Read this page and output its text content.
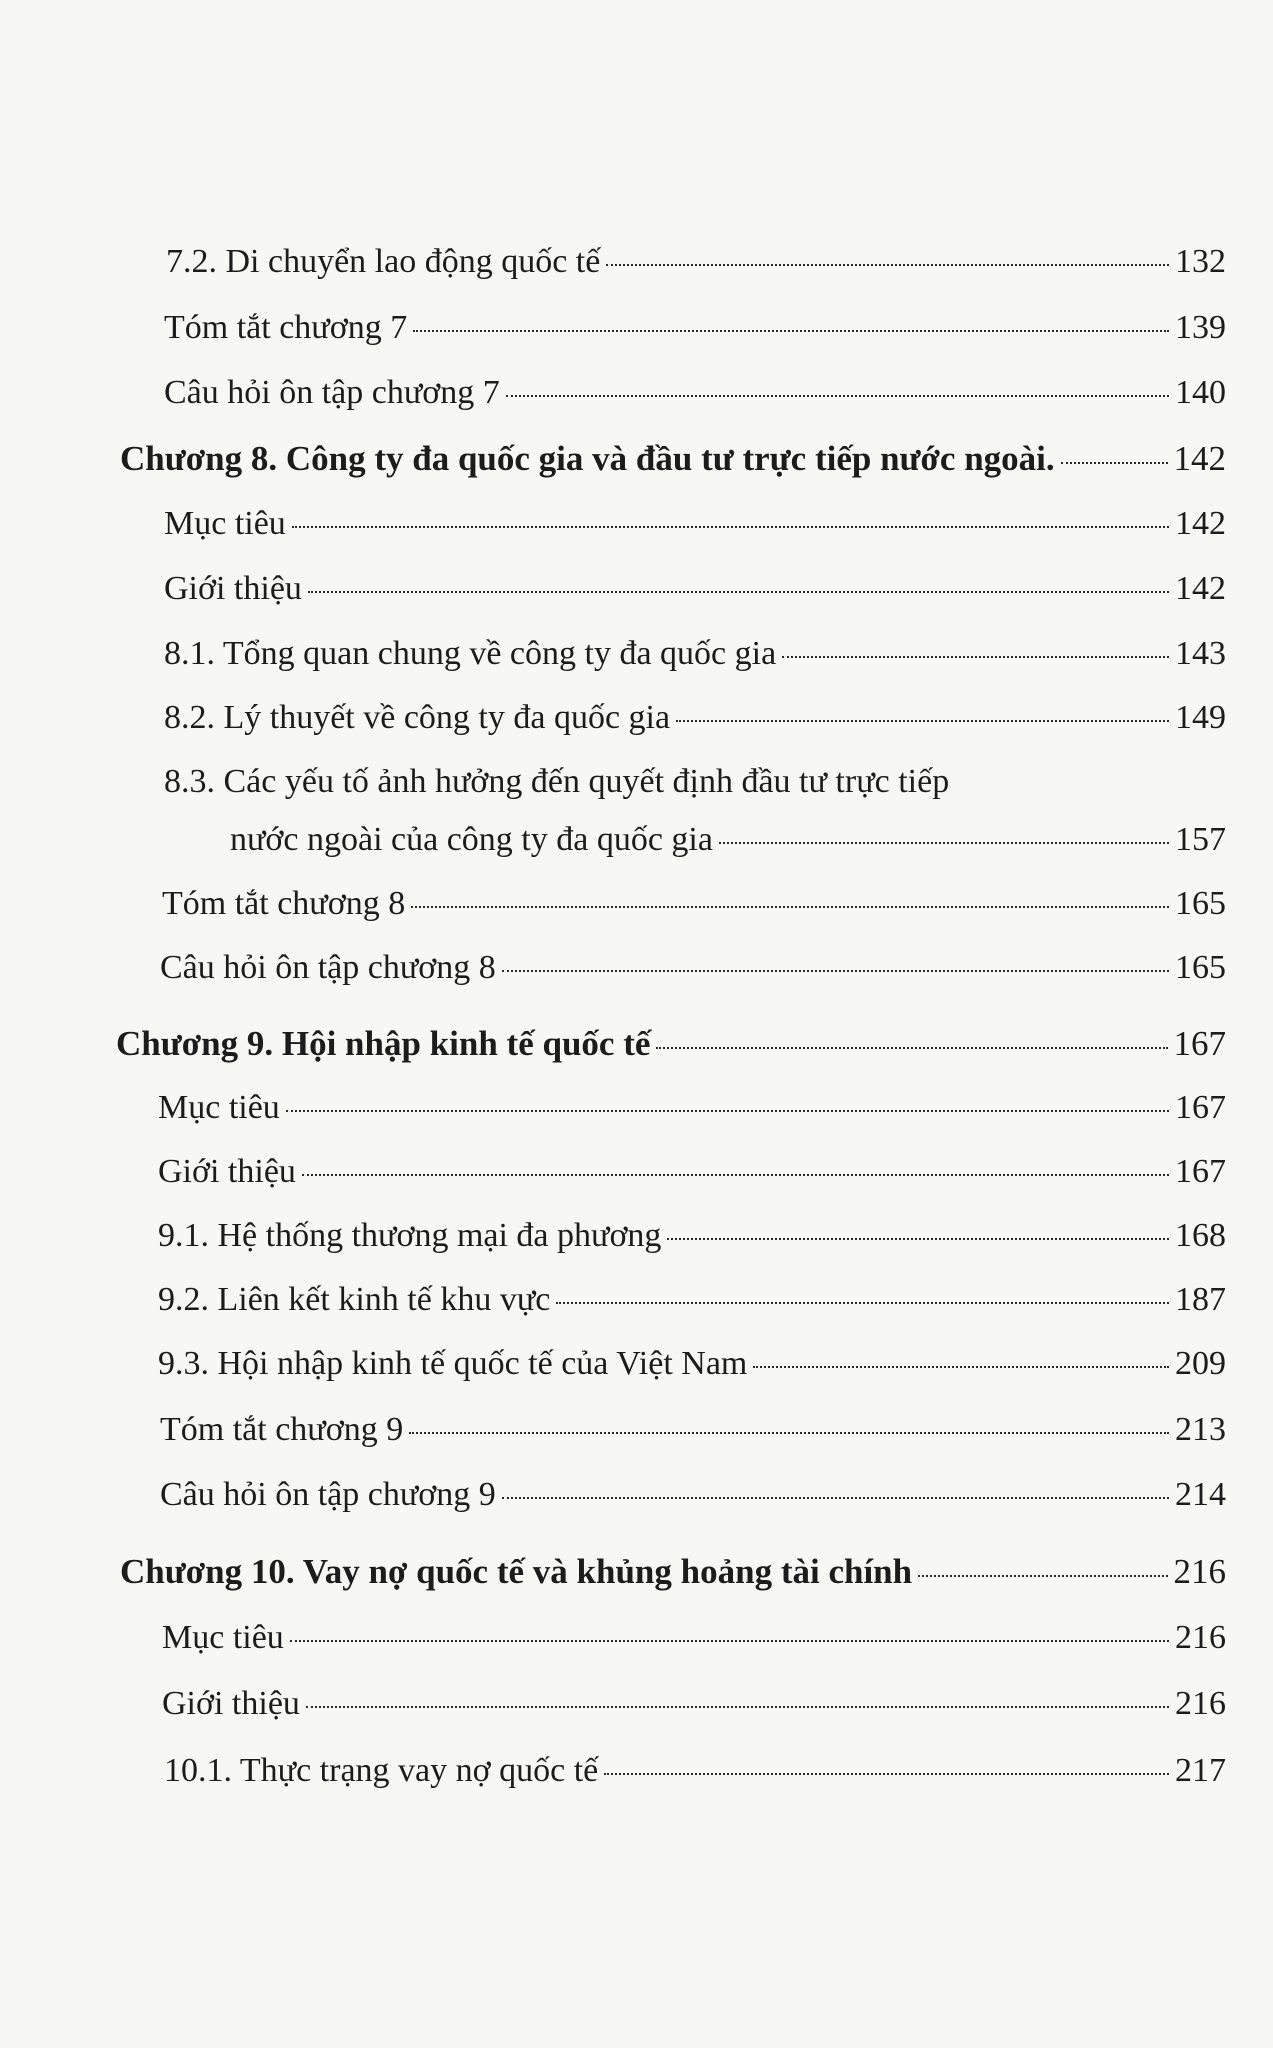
7.2. Di chuyển lao động quốc tế	132
Tóm tắt chương 7	139
Câu hỏi ôn tập chương 7	140
Chương 8. Công ty đa quốc gia và đầu tư trực tiếp nước ngoài.	142
Mục tiêu	142
Giới thiệu	142
8.1. Tổng quan chung về công ty đa quốc gia	143
8.2. Lý thuyết về công ty đa quốc gia	149
8.3. Các yếu tố ảnh hưởng đến quyết định đầu tư trực tiếp
nước ngoài của công ty đa quốc gia	157
Tóm tắt chương 8	165
Câu hỏi ôn tập chương 8	165
Chương 9. Hội nhập kinh tế quốc tế	167
Mục tiêu	167
Giới thiệu	167
9.1. Hệ thống thương mại đa phương	168
9.2. Liên kết kinh tế khu vực	187
9.3. Hội nhập kinh tế quốc tế của Việt Nam	209
Tóm tắt chương 9	213
Câu hỏi ôn tập chương 9	214
Chương 10. Vay nợ quốc tế và khủng hoảng tài chính	216
Mục tiêu	216
Giới thiệu	216
10.1. Thực trạng vay nợ quốc tế	217
